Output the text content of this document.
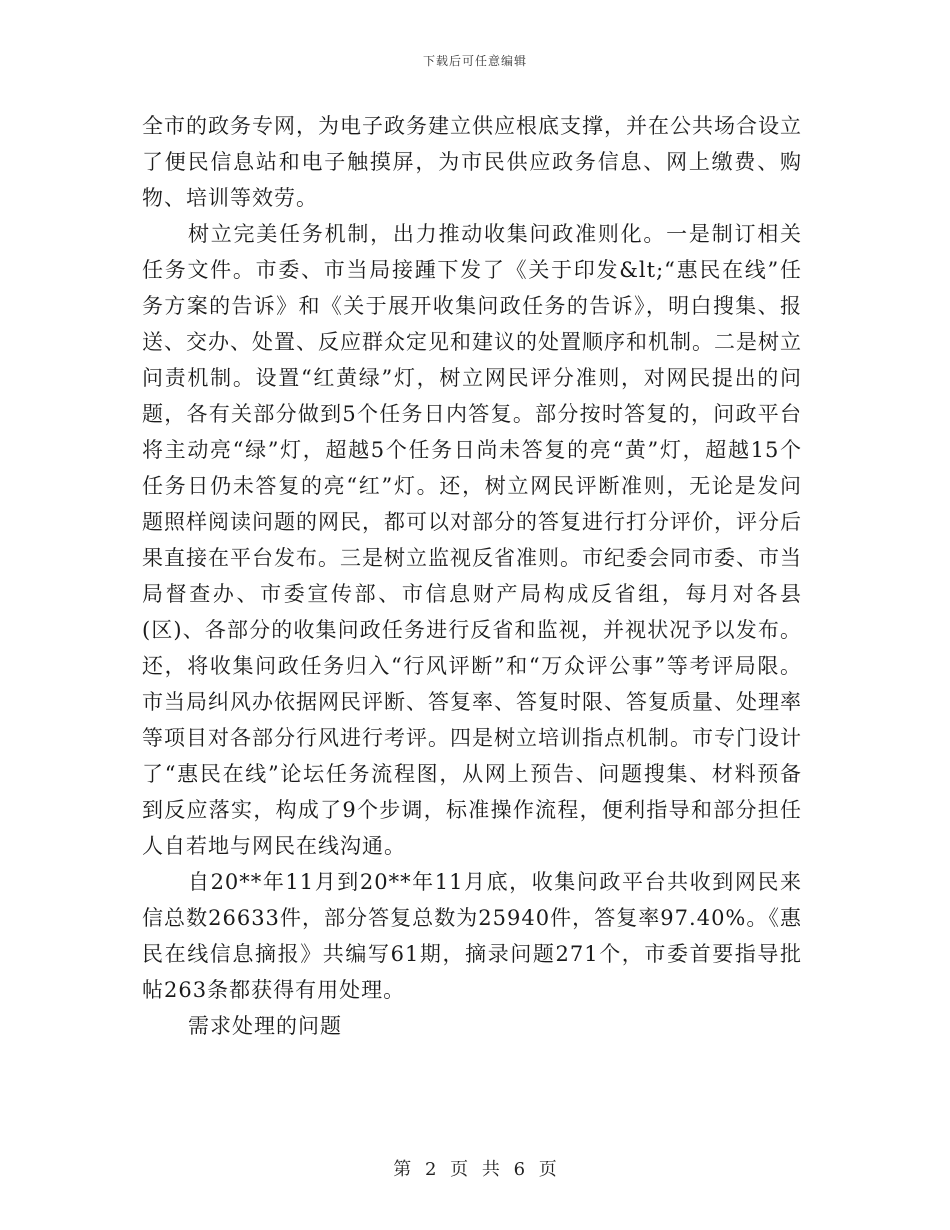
下载后可任意编辑

全市的政务专网，为电子政务建立供应根底支撑，并在公共场合设立了便民信息站和电子触摸屏，为市民供应政务信息、网上缴费、购物、培训等效劳。

树立完美任务机制，出力推动收集问政准则化。一是制订相关任务文件。市委、市当局接踵下发了《关于印发&lt;“惠民在线”任务方案的告诉》和《关于展开收集问政任务的告诉》，明白搜集、报送、交办、处置、反应群众定见和建议的处置顺序和机制。二是树立问责机制。设置“红黄绿”灯，树立网民评分准则，对网民提出的问题，各有关部分做到5个任务日内答复。部分按时答复的，问政平台将主动亮“绿”灯，超越5个任务日尚未答复的亮“黄”灯，超越15个任务日仍未答复的亮“红”灯。还，树立网民评断准则，无论是发问题照样阅读问题的网民，都可以对部分的答复进行打分评价，评分后果直接在平台发布。三是树立监视反省准则。市纪委会同市委、市当局督查办、市委宣传部、市信息财产局构成反省组，每月对各县(区)、各部分的收集问政任务进行反省和监视，并视状况予以发布。还，将收集问政任务归入“行风评断”和“万众评公事”等考评局限。市当局纠风办依据网民评断、答复率、答复时限、答复质量、处理率等项目对各部分行风进行考评。四是树立培训指点机制。市专门设计了“惠民在线”论坛任务流程图，从网上预告、问题搜集、材料预备到反应落实，构成了9个步调，标准操作流程，便利指导和部分担任人自若地与网民在线沟通。

自20**年11月到20**年11月底，收集问政平台共收到网民来信总数26633件，部分答复总数为25940件，答复率97.40%。《惠民在线信息摘报》共编写61期，摘录问题271个，市委首要指导批帖263条都获得有用处理。

需求处理的问题

第 2 页 共 6 页
